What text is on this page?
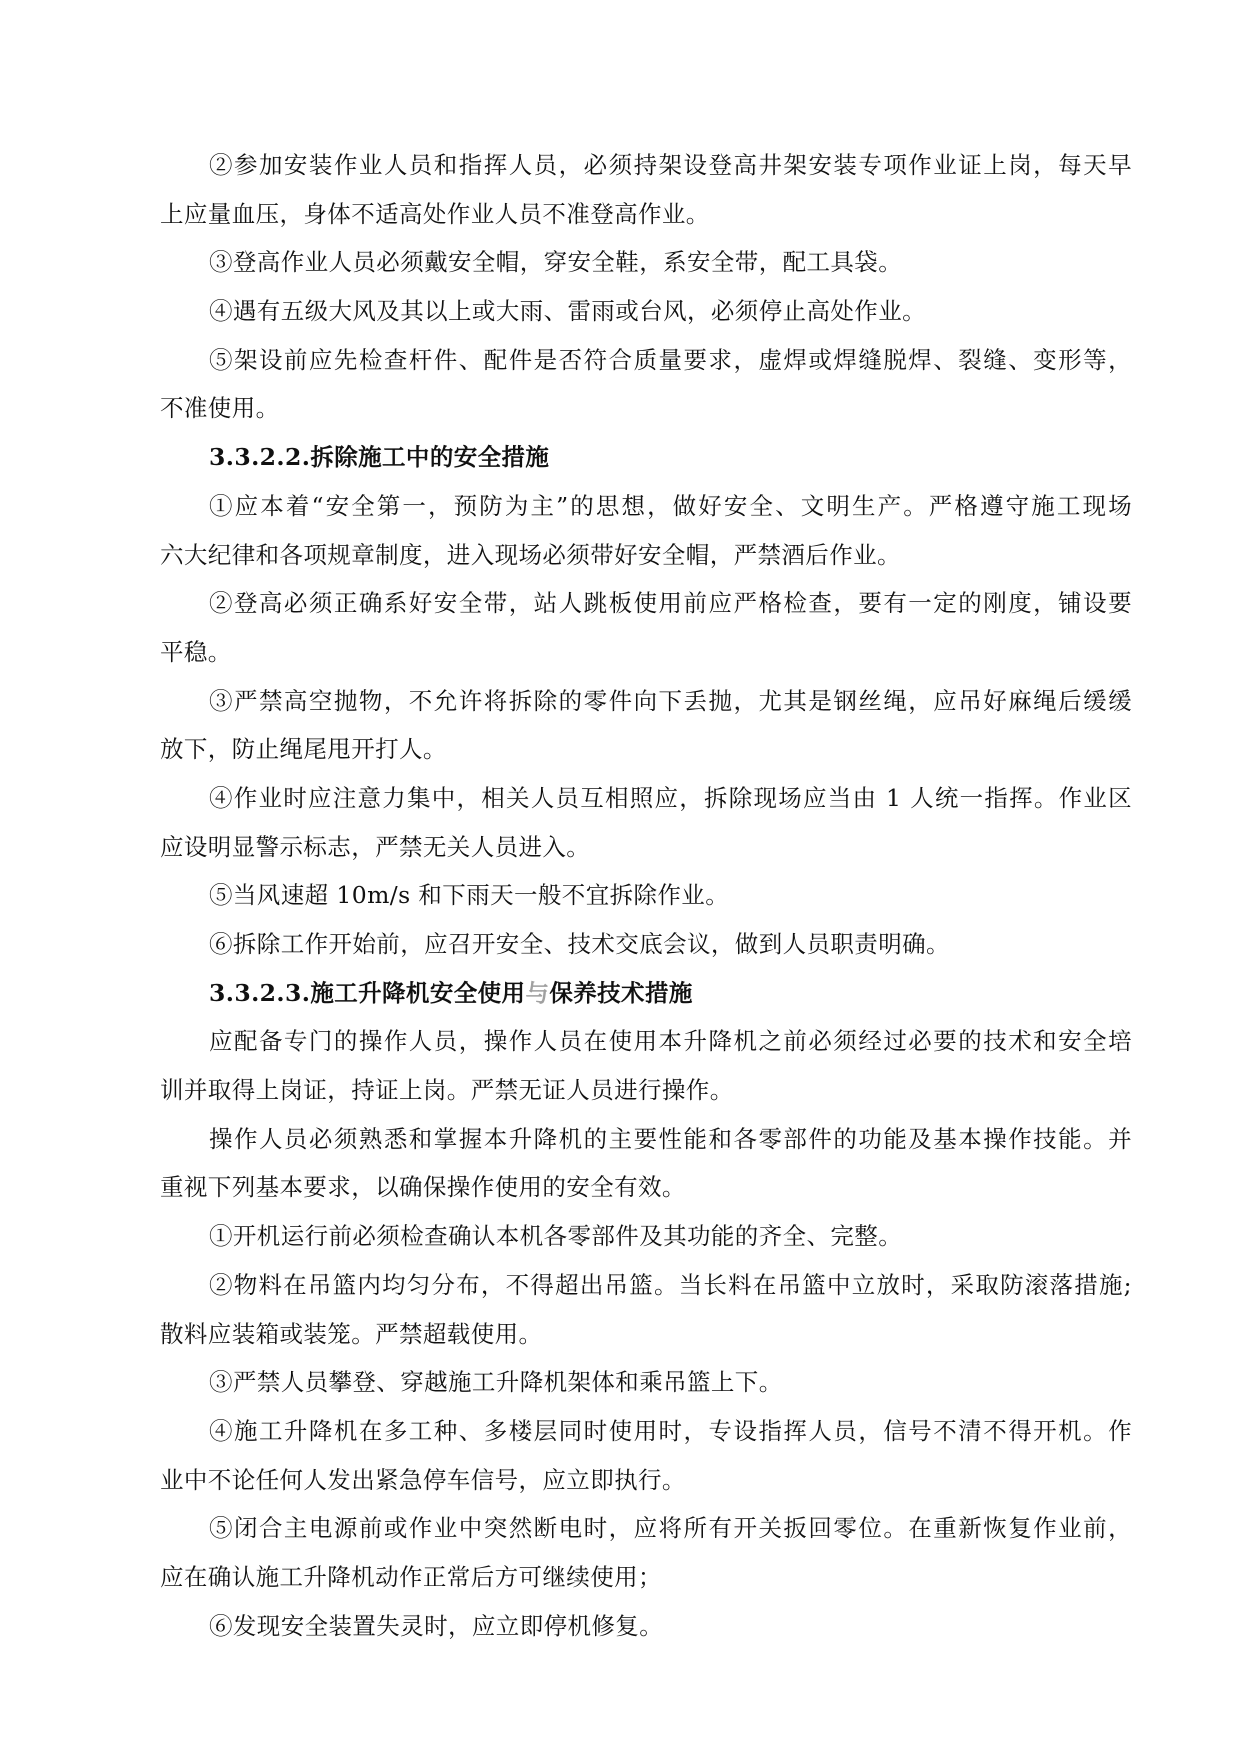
②参加安装作业人员和指挥人员，必须持架设登高井架安装专项作业证上岗，每天早
上应量血压，身体不适高处作业人员不准登高作业。
③登高作业人员必须戴安全帽，穿安全鞋，系安全带，配工具袋。
④遇有五级大风及其以上或大雨、雷雨或台风，必须停止高处作业。
⑤架设前应先检查杆件、配件是否符合质量要求，虚焊或焊缝脱焊、裂缝、变形等，
不准使用。
3.3.2.2.拆除施工中的安全措施
①应本着“安全第一，预防为主”的思想，做好安全、文明生产。严格遵守施工现场
六大纪律和各项规章制度，进入现场必须带好安全帽，严禁酒后作业。
②登高必须正确系好安全带，站人跳板使用前应严格检查，要有一定的刚度，铺设要
平稳。
③严禁高空抛物，不允许将拆除的零件向下丢抛，尤其是钢丝绳，应吊好麻绳后缓缓
放下，防止绳尾甩开打人。
④作业时应注意力集中，相关人员互相照应，拆除现场应当由 1 人统一指挥。作业区
应设明显警示标志，严禁无关人员进入。
⑤当风速超 10m/s 和下雨天一般不宜拆除作业。
⑥拆除工作开始前，应召开安全、技术交底会议，做到人员职责明确。
3.3.2.3.施工升降机安全使用与保养技术措施
应配备专门的操作人员，操作人员在使用本升降机之前必须经过必要的技术和安全培
训并取得上岗证，持证上岗。严禁无证人员进行操作。
操作人员必须熟悉和掌握本升降机的主要性能和各零部件的功能及基本操作技能。并
重视下列基本要求，以确保操作使用的安全有效。
①开机运行前必须检查确认本机各零部件及其功能的齐全、完整。
②物料在吊篮内均匀分布，不得超出吊篮。当长料在吊篮中立放时，采取防滚落措施;
散料应装箱或装笼。严禁超载使用。
③严禁人员攀登、穿越施工升降机架体和乘吊篮上下。
④施工升降机在多工种、多楼层同时使用时，专设指挥人员，信号不清不得开机。作
业中不论任何人发出紧急停车信号，应立即执行。
⑤闭合主电源前或作业中突然断电时，应将所有开关扳回零位。在重新恢复作业前，
应在确认施工升降机动作正常后方可继续使用；
⑥发现安全装置失灵时，应立即停机修复。
